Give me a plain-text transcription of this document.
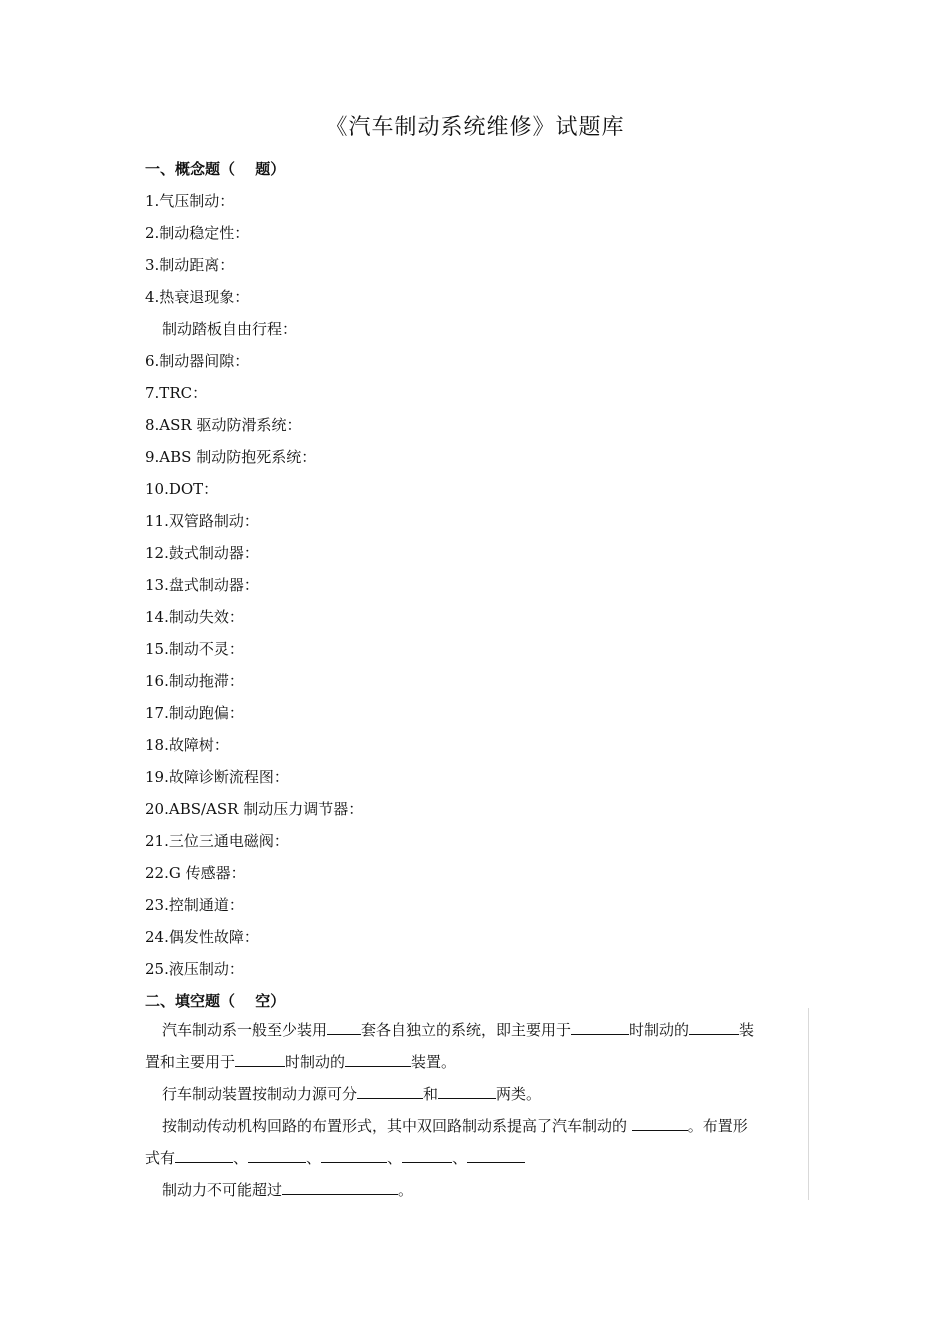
《汽车制动系统维修》试题库
一、概念题（　 题）
1.气压制动：
2.制动稳定性：
3.制动距离：
4.热衰退现象：
制动踏板自由行程：
6.制动器间隙：
7.TRC：
8.ASR 驱动防滑系统：
9.ABS 制动防抱死系统：
10.DOT：
11.双管路制动：
12.鼓式制动器：
13.盘式制动器：
14.制动失效：
15.制动不灵：
16.制动拖滞：
17.制动跑偏：
18.故障树：
19.故障诊断流程图：
20.ABS/ASR 制动压力调节器：
21.三位三通电磁阀：
22.G 传感器：
23.控制通道：
24.偶发性故障：
25.液压制动：
二、填空题（　 空）
汽车制动系一般至少装用 套各自独立的系统，即主要用于	时制动的	装
置和主要用于	时制动的	装置。
行车制动装置按制动力源可分	和	两类。
按制动传动机构回路的布置形式，其中双回路制动系提高了汽车制动的	。布置形
式有	、	、	、	、
制动力不可能超过	。
